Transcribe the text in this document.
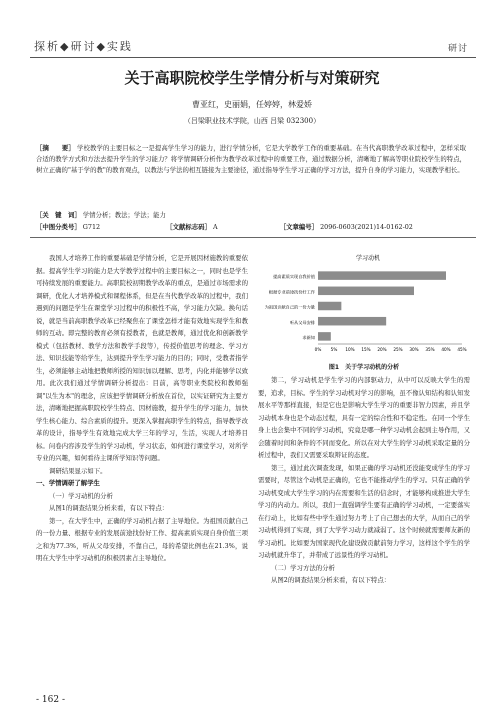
探析◆研讨◆实践	研讨
关于高职院校学生学情分析与对策研究
曹亚红，史丽娟，任婷婷，林爱娇
（吕梁职业技术学院，山西 吕梁 032300）
［摘　　要］ 学校教学的主要目标之一是提高学生学习的能力，进行学情分析，它是大学教学工作的重要基础。在当代高职教学改革过程中，怎样采取合适的教学方式和方法去提升学生的学习能力？将学情调研分析作为教学改革过程中的重要工作，通过数据分析，清晰地了解高等职业院校学生的特点，树立正确的"基于学的教"的教育观点，以教法与学法的相互链接为主要途径，通过指导学生学习正确的学习方法，提升自身的学习能力，实现教学相长。
［关　键　词］ 学情分析；教法；学法；能力
［中图分类号］ G712	［文献标志码］ A	［文章编号］ 2096-0603(2021)14-0162-02

我国人才培养工作的重要基础是学情分析，它是开展因材施教的重要依据。提高学生学习的能力是大学教学过程中的主要目标之一，同时也是学生可持续发展的重要能力。高职院校初期教学改革的重点，是通过市场需求的调研，优化人才培养模式和课程体系，但是在当代教学改革的过程中，我们遇到的问题是学生在课堂学习过程中的积极性不高，学习能力欠缺。换句话说，就是当前高职教学改革已经聚焦在了课堂怎样才能有效地实现学生和教师的互动。即完整的教育必须有授教者，也就是教师，通过优化和创新教学模式（包括教材、教学方法和教学手段等），传授价值思考的理念、学习方法、知识技能等给学生，达到提升学生学习能力的目的；同时，受教者指学生，必须能够主动地把教师所授的知识加以理解、思考，内化并能够学以致用。此次我们通过学情调研分析提出：目前，高等职业类院校和教师强调"以生为本"的理念，应该把学情调研分析放在首位，以实证研究为主要方法，清晰地把握高职院校学生特点、因材施教，提升学生的学习能力，加快学生核心能力、综合素质的提升。更深入掌握高职学生的特点，指导教学改革的设计，指导学生有效地完成大学三年的学习，生活，实现人才培养目标。问卷内容涉及学生的学习动机，学习状态，如何进行课堂学习，对所学专业的兴趣，如何看待主课所学知识等问题。

调研结果显示如下。

一、学情调研了解学生

（一）学习动机的分析

从图1的调查结果分析来看，有以下特点：

第一，在大学生中，正确的学习动机占据了主导地位。为祖国贡献自己的一份力量、根据专业的发展前途找份好工作、提高素质实现自身价值三项之和为77.3%，听从父母安排，不靠自己，母的希望比例也在21.3%，说明在大学生中学习动机的积极因素占主导地位。

学习动机
提高素质实现自我价值
根据专业前途找份好工作
为祖国贡献自己的一份力量
听从父母安排
求新知
0% 5% 10% 15% 20% 25% 30% 35% 40% 45%
图1　关于学习动机的分析

第二，学习动机是学生学习的内部驱动力，从中可以反映大学生的需要，追求，目标。学生的学习动机对学习的影响，虽不像认知结构和认知发展水平等那样直接，但是它也是影响大学生学习的重要非智力因素，并且学习动机本身也是个动态过程，具有一定的综合性和不稳定性。在同一个学生身上也会集中不同的学习动机，究竟是哪一种学习动机会起到主导作用，又会随着时间和条件的不同而变化。所以在对大学生的学习动机采取定量的分析过程中，我们又需要采取辩证的态度。

第三，通过此次调查发现，如果正确的学习动机还没能变成学生的学习需要时，尽管这个动机是正确的，它也不能推动学生的学习。只有正确的学习动机变成大学生学习的内在需要和生活的信念时，才能够构成推进大学生学习的内动力。所以，我们一直强调学生要有正确的学习动机，一定要落实在行动上，比如有些中学生通过努力考上了自己想去的大学，从而自己的学习动机得到了实现，到了大学学习动力就减弱了。这个时候就需要师友新的学习动机。比如要为国家现代化建设做贡献前努力学习，这样这个学生的学习动机就升华了，并带成了远景性的学习动机。

（二）学习方法的分析

从图2的调查结果分析来看，有以下特点：

- 162 -
